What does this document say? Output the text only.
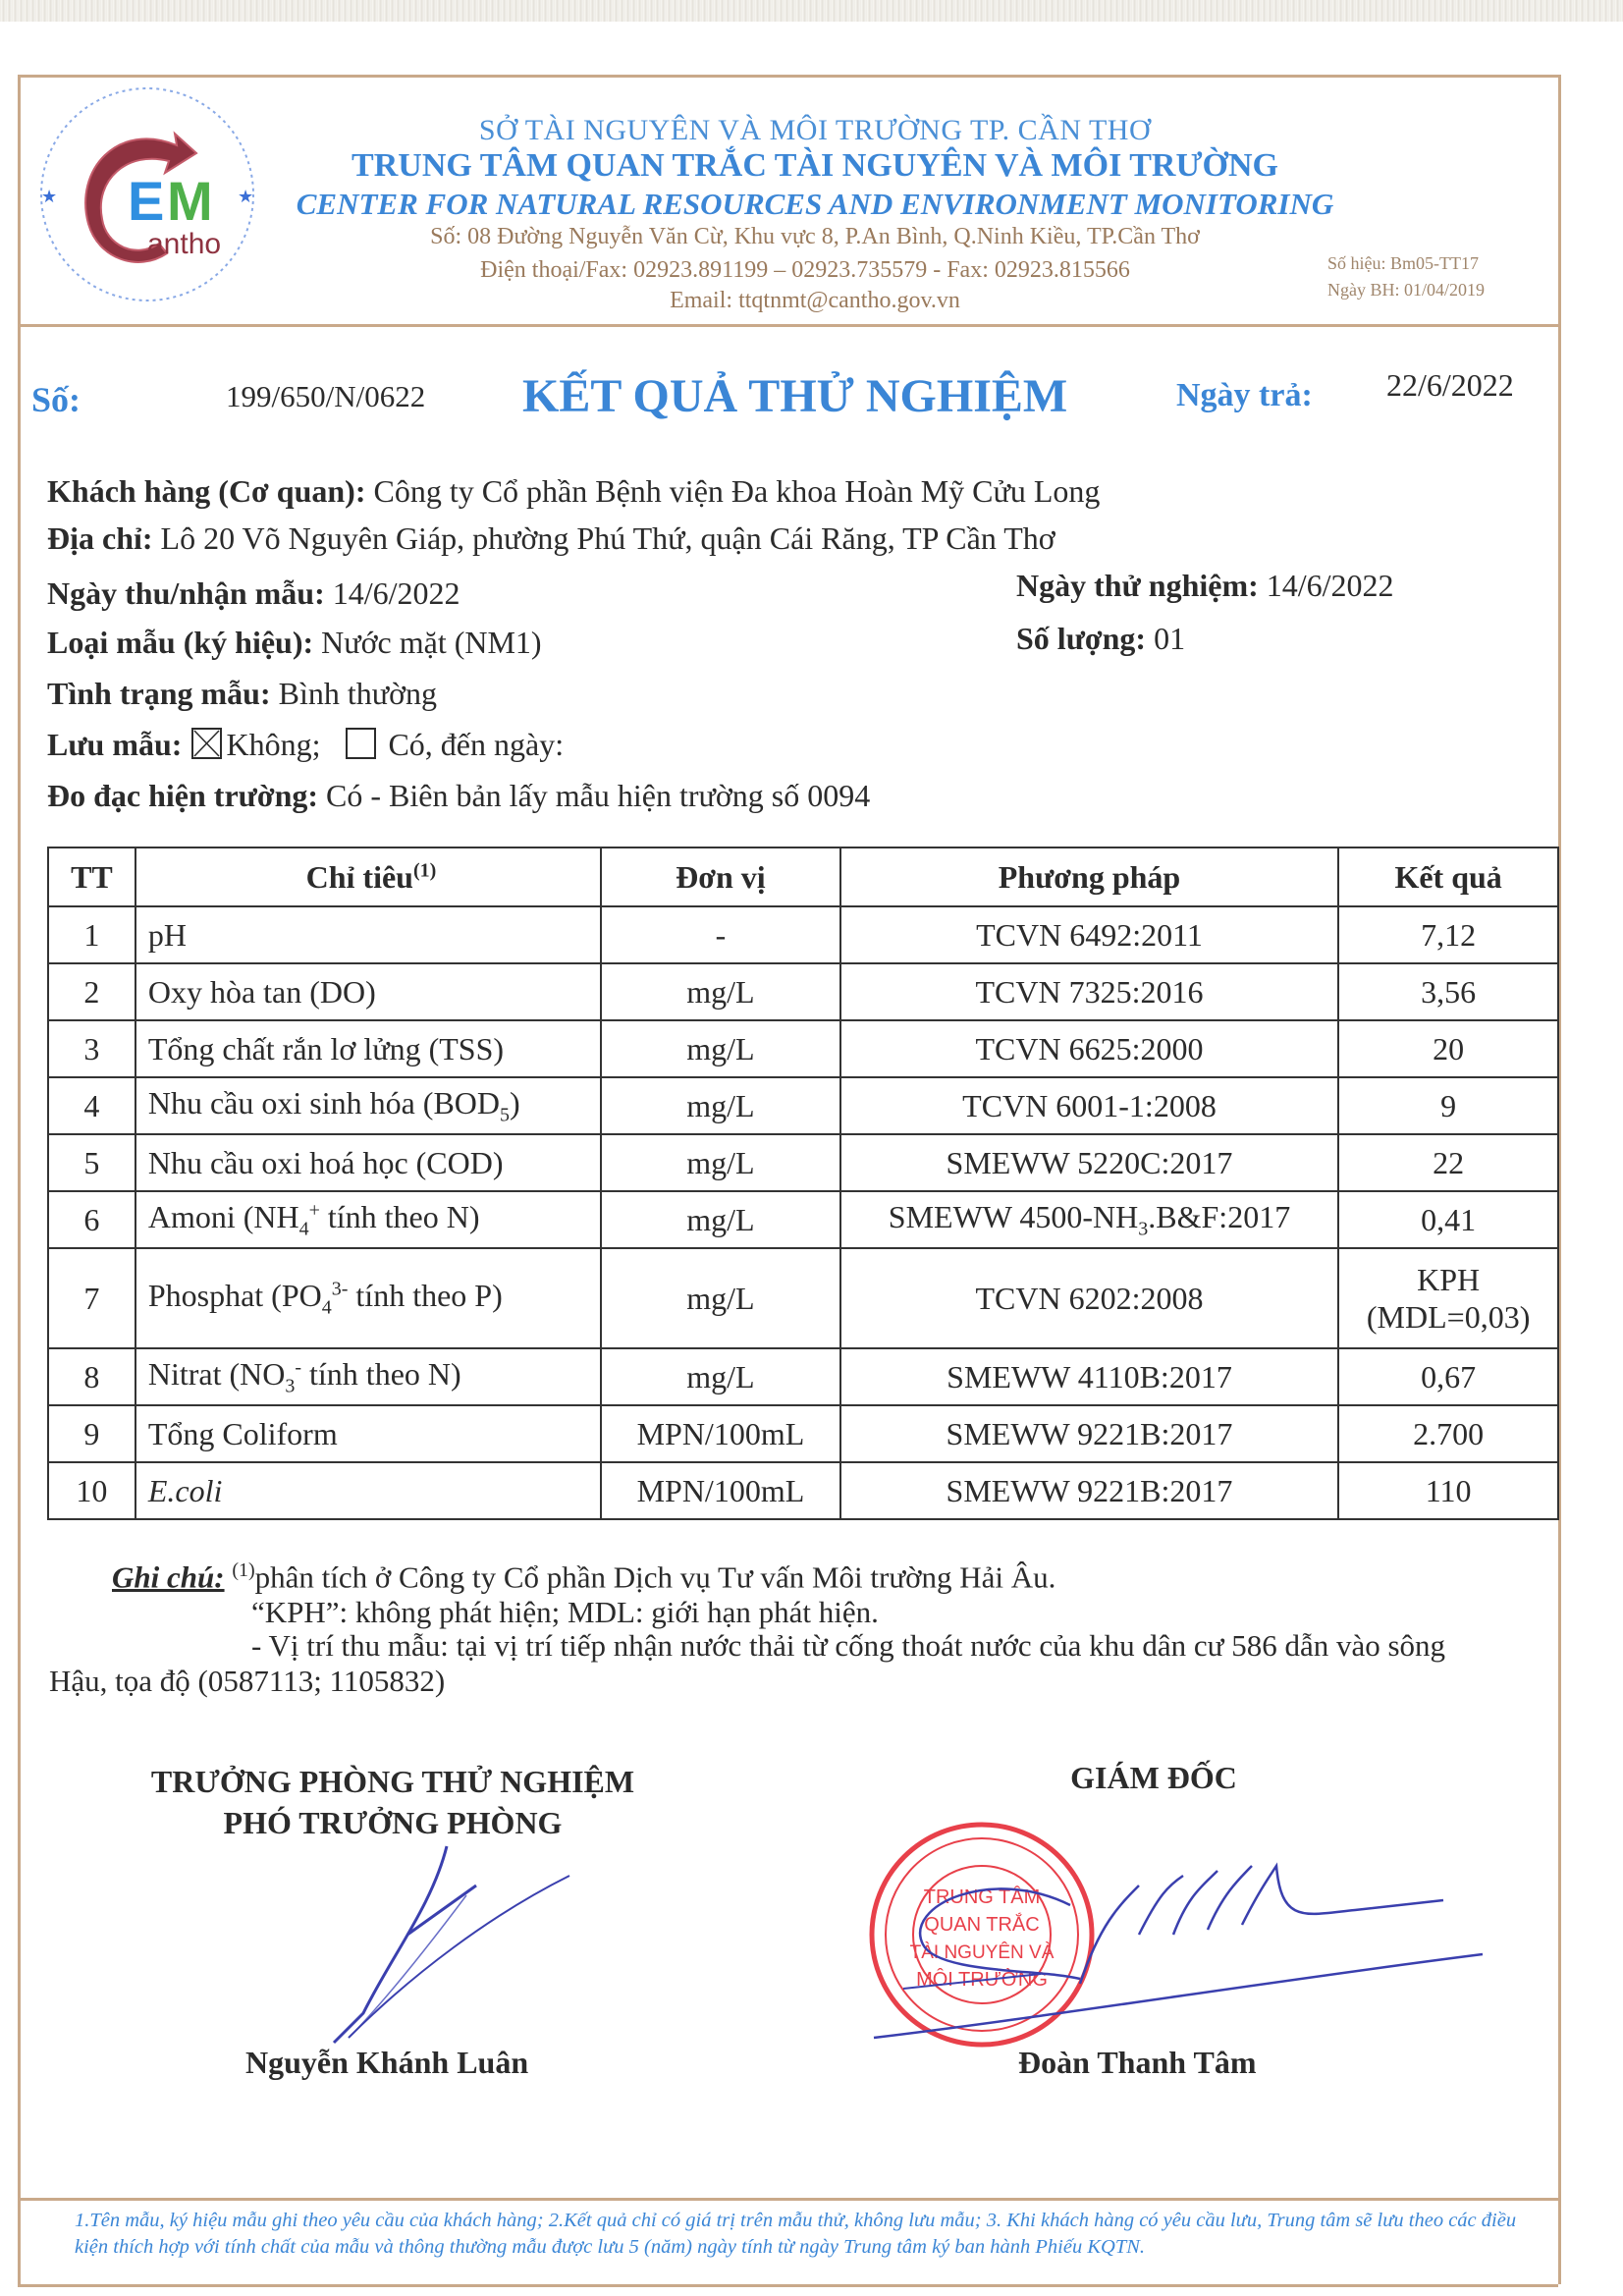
★	★
E M
antho
SỞ TÀI NGUYÊN VÀ MÔI TRƯỜNG TP. CẦN THƠ
TRUNG TÂM QUAN TRẮC TÀI NGUYÊN VÀ MÔI TRƯỜNG
CENTER FOR NATURAL RESOURCES AND ENVIRONMENT MONITORING
Số: 08 Đường Nguyễn Văn Cừ, Khu vực 8, P.An Bình, Q.Ninh Kiều, TP.Cần Thơ
Điện thoại/Fax: 02923.891199 – 02923.735579 - Fax: 02923.815566
Email: ttqtnmt@cantho.gov.vn
Số hiệu: Bm05-TT17
Ngày BH: 01/04/2019
Số:	199/650/N/0622 KẾT QUẢ THỬ NGHIỆM	Ngày trả: 22/6/2022
Khách hàng (Cơ quan): Công ty Cổ phần Bệnh viện Đa khoa Hoàn Mỹ Cửu Long
Địa chỉ: Lô 20 Võ Nguyên Giáp, phường Phú Thứ, quận Cái Răng, TP Cần Thơ
Ngày thu/nhận mẫu: 14/6/2022	Ngày thử nghiệm: 14/6/2022
Loại mẫu (ký hiệu): Nước mặt (NM1)	Số lượng: 01
Tình trạng mẫu: Bình thường
Lưu mẫu: Không; Có, đến ngày:
Đo đạc hiện trường: Có - Biên bản lấy mẫu hiện trường số 0094
TT	Chỉ tiêu$^{(1)}$	Đơn vị	Phương pháp	Kết quả
1	pH	-	TCVN 6492:2011	7,12

2	Oxy hòa tan (DO)	mg/L	TCVN 7325:2016	3,56

3	Tổng chất rắn lơ lửng (TSS)	mg/L	TCVN 6625:2000	20

4	Nhu cầu oxi sinh hóa $(BOD_5)$	mg/L	TCVN 6001-1:2008	9

5	Nhu cầu oxi hoá học (COD)	mg/L	SMEWW 5220C:2017	22

6	Amoni ($NH_4^+$ tính theo N)	mg/L	SMEWW $4500-NH_3.B\&F:2017$	0,41

7	Phosphat ($PO_4^{3-}$ tính theo P)	mg/L	TCVN 6202:2008	KPH
(MDL=0,03)

8	Nitrat ($NO_3^-$ tính theo N)	mg/L	SMEWW 4110B:2017	0,67

9	Tổng Coliform	MPN/100mL	SMEWW 9221B:2017	2.700

10	E.coli	MPN/100mL	SMEWW 9221B:2017	110
Ghi chú: $^{(1)}$phân tích ở Công ty Cổ phần Dịch vụ Tư vấn Môi trường Hải Âu.
“KPH”: không phát hiện; MDL: giới hạn phát hiện.
- Vị trí thu mẫu: tại vị trí tiếp nhận nước thải từ cống thoát nước của khu dân cư 586 dẫn vào sông
Hậu, tọa độ (0587113; 1105832)
TRƯỞNG PHÒNG THỬ NGHIỆM
PHÓ TRƯỞNG PHÒNG
Nguyễn Khánh Luân
GIÁM ĐỐC
TRUNG TÂM
QUAN TRẮC
TÀI NGUYÊN VÀ
MÔI TRƯỜNG
Đoàn Thanh Tâm
1.Tên mẫu, ký hiệu mẫu ghi theo yêu cầu của khách hàng; 2.Kết quả chỉ có giá trị trên mẫu thử, không lưu mẫu; 3. Khi khách hàng có yêu cầu lưu, Trung tâm sẽ lưu theo các điều kiện thích hợp với tính chất của mẫu và thông thường mẫu được lưu 5 (năm) ngày tính từ ngày Trung tâm ký ban hành Phiếu KQTN.
